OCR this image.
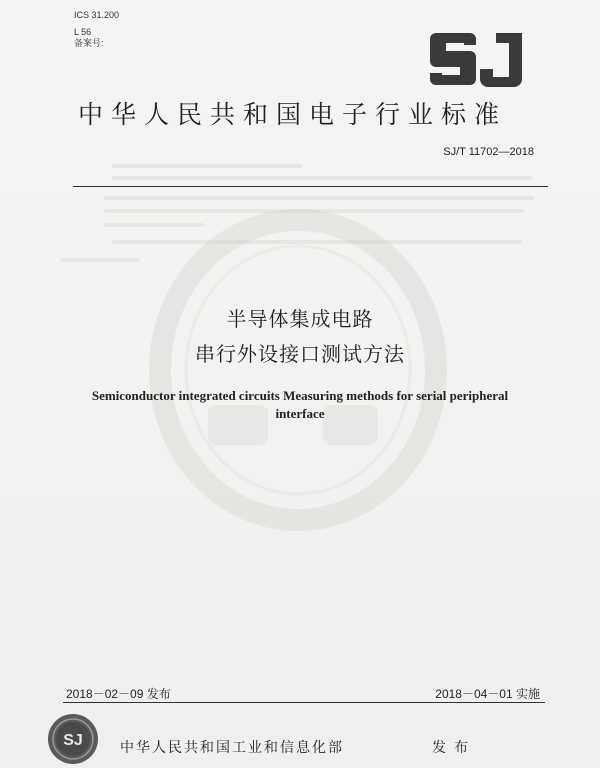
ICS 31.200
L 56
备案号:
中华人民共和国电子行业标准
SJ/T 11702—2018
半导体集成电路
串行外设接口测试方法
Semiconductor integrated circuits Measuring methods for serial peripheral
interface
2018－02－09 发布	2018－04－01 实施
SJ	中华人民共和国工业和信息化部	发布
